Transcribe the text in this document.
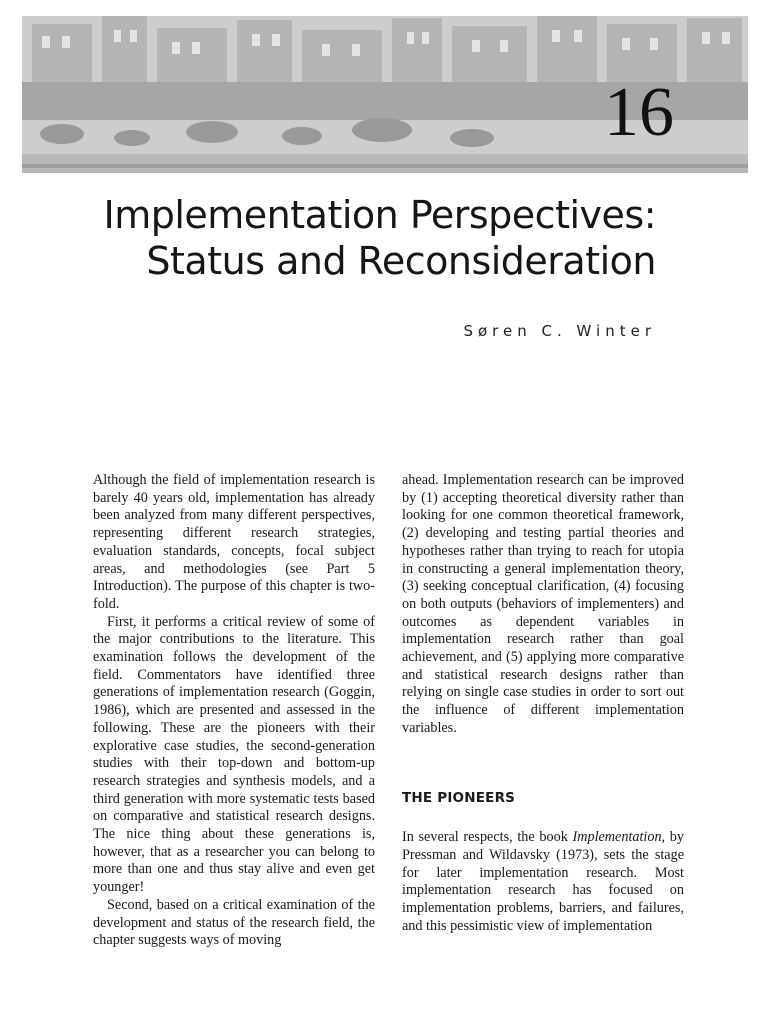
16
Implementation Perspectives:
Status and Reconsideration
Søren C. Winter

Although the field of implementation research is barely 40 years old, implementation has already been analyzed from many different perspectives, representing different research strategies, evaluation standards, concepts, focal subject areas, and methodologies (see Part 5 Introduction). The purpose of this chapter is two-fold.

First, it performs a critical review of some of the major contributions to the literature. This examination follows the development of the field. Commentators have identified three generations of implementation research (Goggin, 1986), which are presented and assessed in the following. These are the pioneers with their explorative case studies, the second-generation studies with their top-down and bottom-up research strategies and synthesis models, and a third generation with more systematic tests based on comparative and statistical research designs. The nice thing about these generations is, however, that as a researcher you can belong to more than one and thus stay alive and even get younger!

Second, based on a critical examination of the development and status of the research field, the chapter suggests ways of moving

ahead. Implementation research can be improved by (1) accepting theoretical diversity rather than looking for one common theoretical framework, (2) developing and testing partial theories and hypotheses rather than trying to reach for utopia in constructing a general implementation theory, (3) seeking conceptual clarification, (4) focusing on both outputs (behaviors of implementers) and outcomes as dependent variables in implementation research rather than goal achievement, and (5) applying more comparative and statistical research designs rather than relying on single case studies in order to sort out the influence of different implementation variables.

THE PIONEERS

In several respects, the book Implementation, by Pressman and Wildavsky (1973), sets the stage for later implementation research. Most implementation research has focused on implementation problems, barriers, and failures, and this pessimistic view of implementation
